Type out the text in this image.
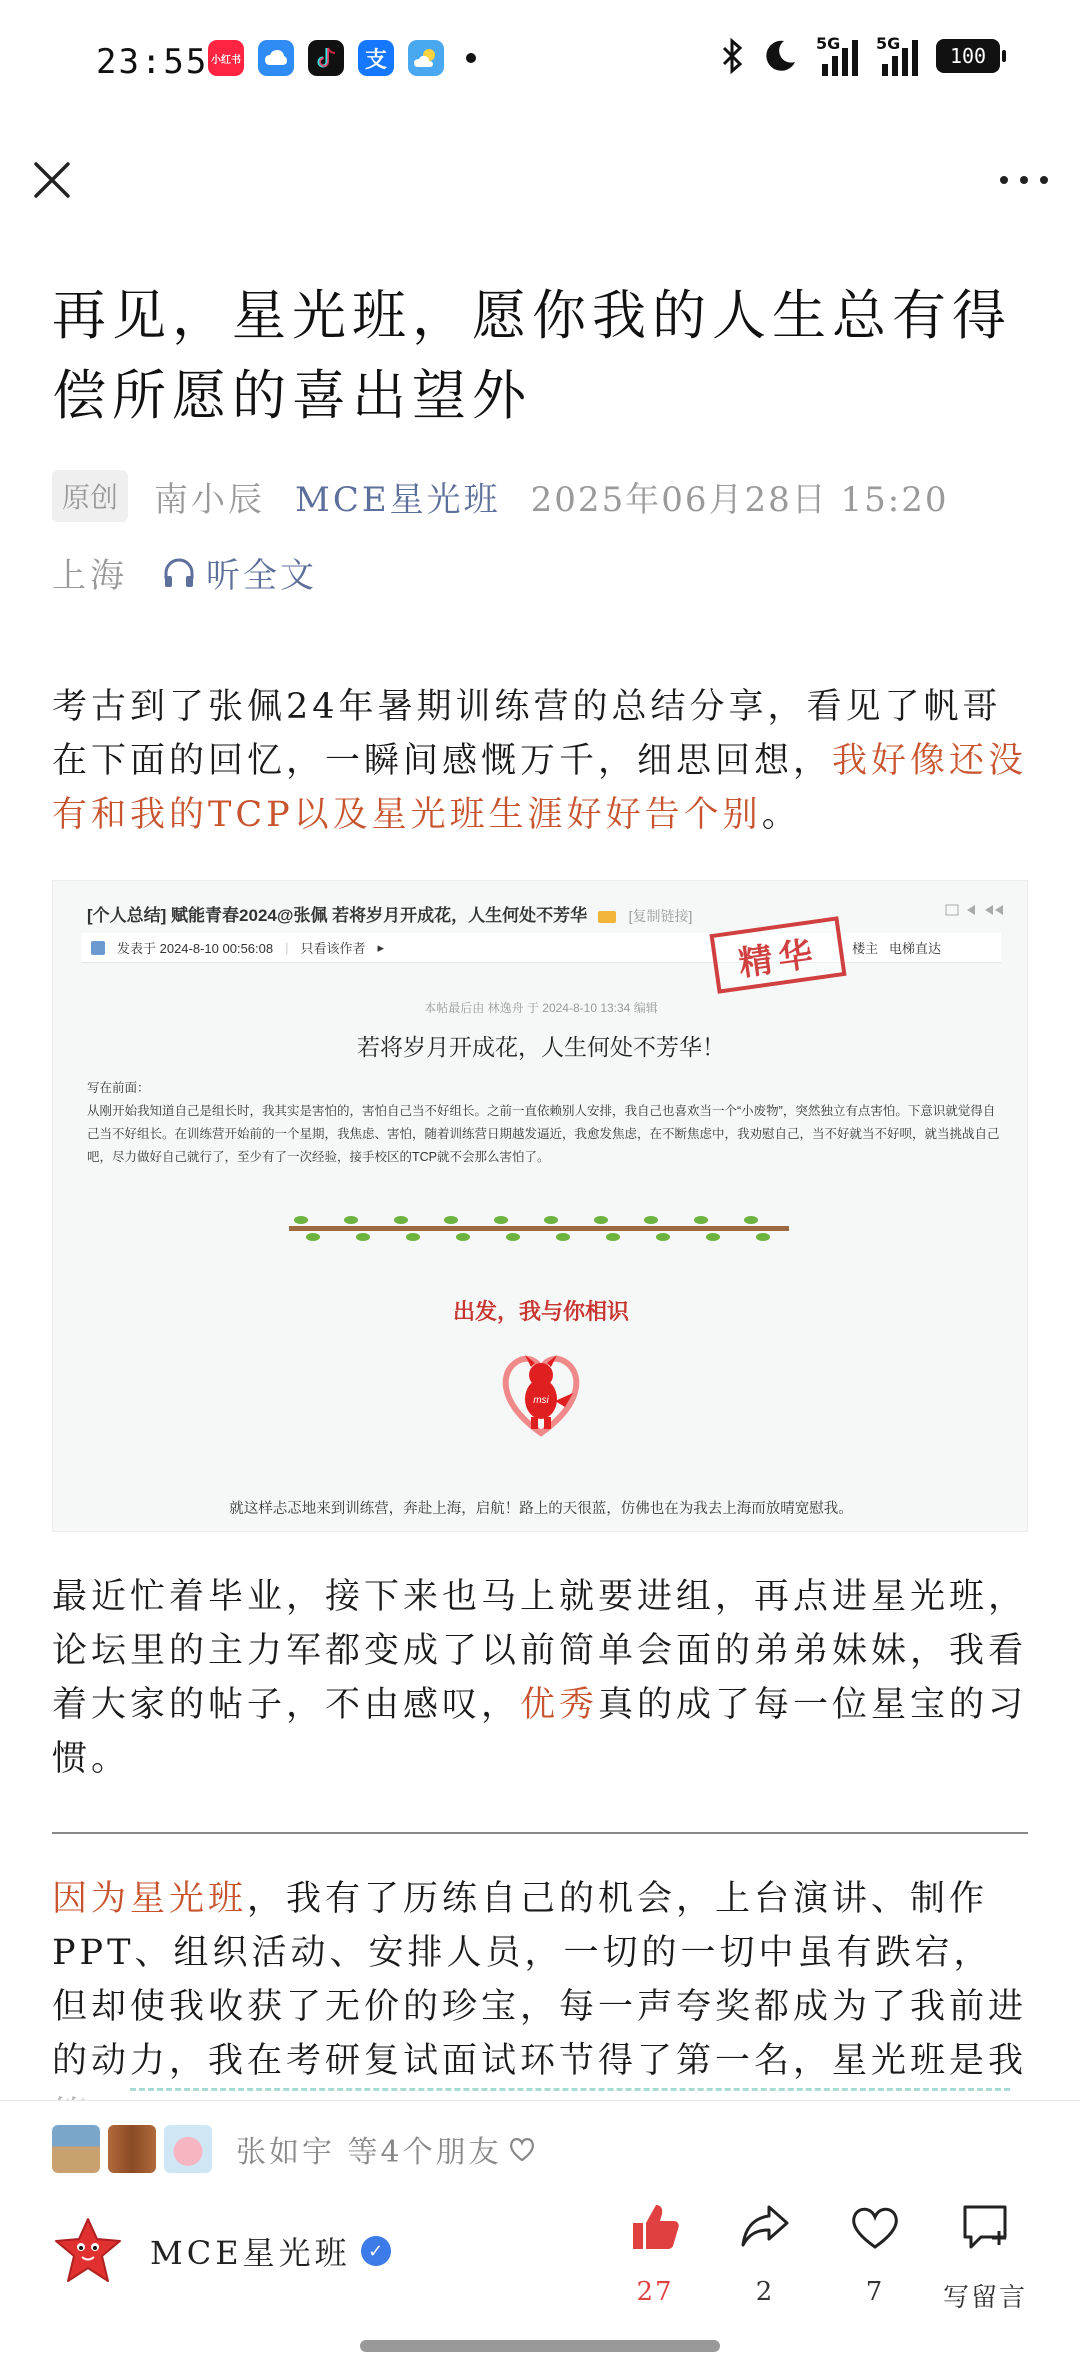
23:55 小红书	支
5G 5G
100
再见，星光班，愿你我的人生总有得偿所愿的喜出望外
原创 南小辰 MCE星光班 2025年06月28日 15:20
上海 听全文

考古到了张佩24年暑期训练营的总结分享，看见了帆哥在下面的回忆，一瞬间感慨万千，细思回想，我好像还没有和我的TCP以及星光班生涯好好告个别。

[个人总结] 赋能青春2024@张佩 若将岁月开成花，人生何处不芳华	[复制链接]
发表于 2024-8-10 00:56:08 | 只看该作者 ▸	楼主 电梯直达
精华
本帖最后由 林逸舟 于 2024-8-10 13:34 编辑
若将岁月开成花，人生何处不芳华！
写在前面：
从刚开始我知道自己是组长时，我其实是害怕的，害怕自己当不好组长。之前一直依赖别人安排，我自己也喜欢当一个“小废物”，突然独立有点害怕。下意识就觉得自己当不好组长。在训练营开始前的一个星期，我焦虑、害怕，随着训练营日期越发逼近，我愈发焦虑，在不断焦虑中，我劝慰自己，当不好就当不好呗，就当挑战自己吧，尽力做好自己就行了，至少有了一次经验，接手校区的TCP就不会那么害怕了。
出发，我与你相识
msi
就这样忐忑地来到训练营，奔赴上海，启航！路上的天很蓝，仿佛也在为我去上海而放晴宽慰我。

最近忙着毕业，接下来也马上就要进组，再点进星光班，论坛里的主力军都变成了以前简单会面的弟弟妹妹，我看着大家的帖子，不由感叹，优秀真的成了每一位星宝的习惯。

因为星光班，我有了历练自己的机会，上台演讲、制作PPT、组织活动、安排人员，一切的一切中虽有跌宕，但却使我收获了无价的珍宝，每一声夸奖都成为了我前进的动力，我在考研复试面试环节得了第一名，星光班是我

张如宇 等4个朋友
MCE星光班 ✓
27	2	7 写留言
